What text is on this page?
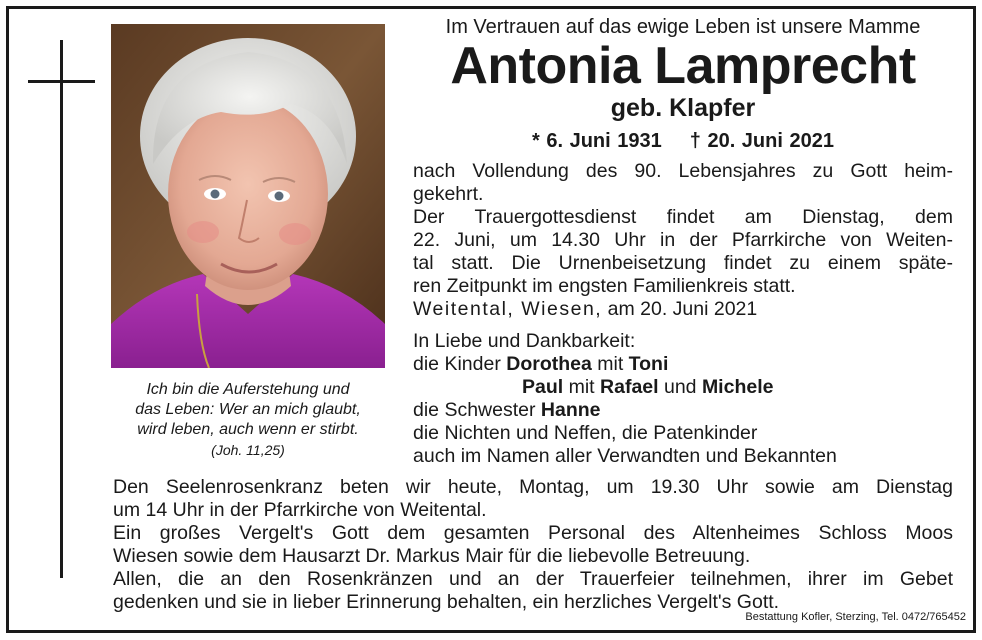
Ich bin die Auferstehung und
das Leben: Wer an mich glaubt,
wird leben, auch wenn er stirbt.
(Joh. 11,25)
Im Vertrauen auf das ewige Leben ist unsere Mamme
Antonia Lamprecht
geb. Klapfer
* 6. Juni 1931 † 20. Juni 2021
nach Vollendung des 90. Lebensjahres zu Gott heim-
gekehrt.
Der Trauergottesdienst findet am Dienstag, dem
22. Juni, um 14.30 Uhr in der Pfarrkirche von Weiten-
tal statt. Die Urnenbeisetzung findet zu einem späte-
ren Zeitpunkt im engsten Familienkreis statt.
Weitental, Wiesen, am 20. Juni 2021
In Liebe und Dankbarkeit:
die Kinder Dorothea mit Toni
Paul mit Rafael und Michele
die Schwester Hanne
die Nichten und Neffen, die Patenkinder
auch im Namen aller Verwandten und Bekannten
Den Seelenrosenkranz beten wir heute, Montag, um 19.30 Uhr sowie am Dienstag
um 14 Uhr in der Pfarrkirche von Weitental.
Ein großes Vergelt's Gott dem gesamten Personal des Altenheimes Schloss Moos
Wiesen sowie dem Hausarzt Dr. Markus Mair für die liebevolle Betreuung.
Allen, die an den Rosenkränzen und an der Trauerfeier teilnehmen, ihrer im Gebet
gedenken und sie in lieber Erinnerung behalten, ein herzliches Vergelt's Gott.
Bestattung Kofler, Sterzing, Tel. 0472/765452
